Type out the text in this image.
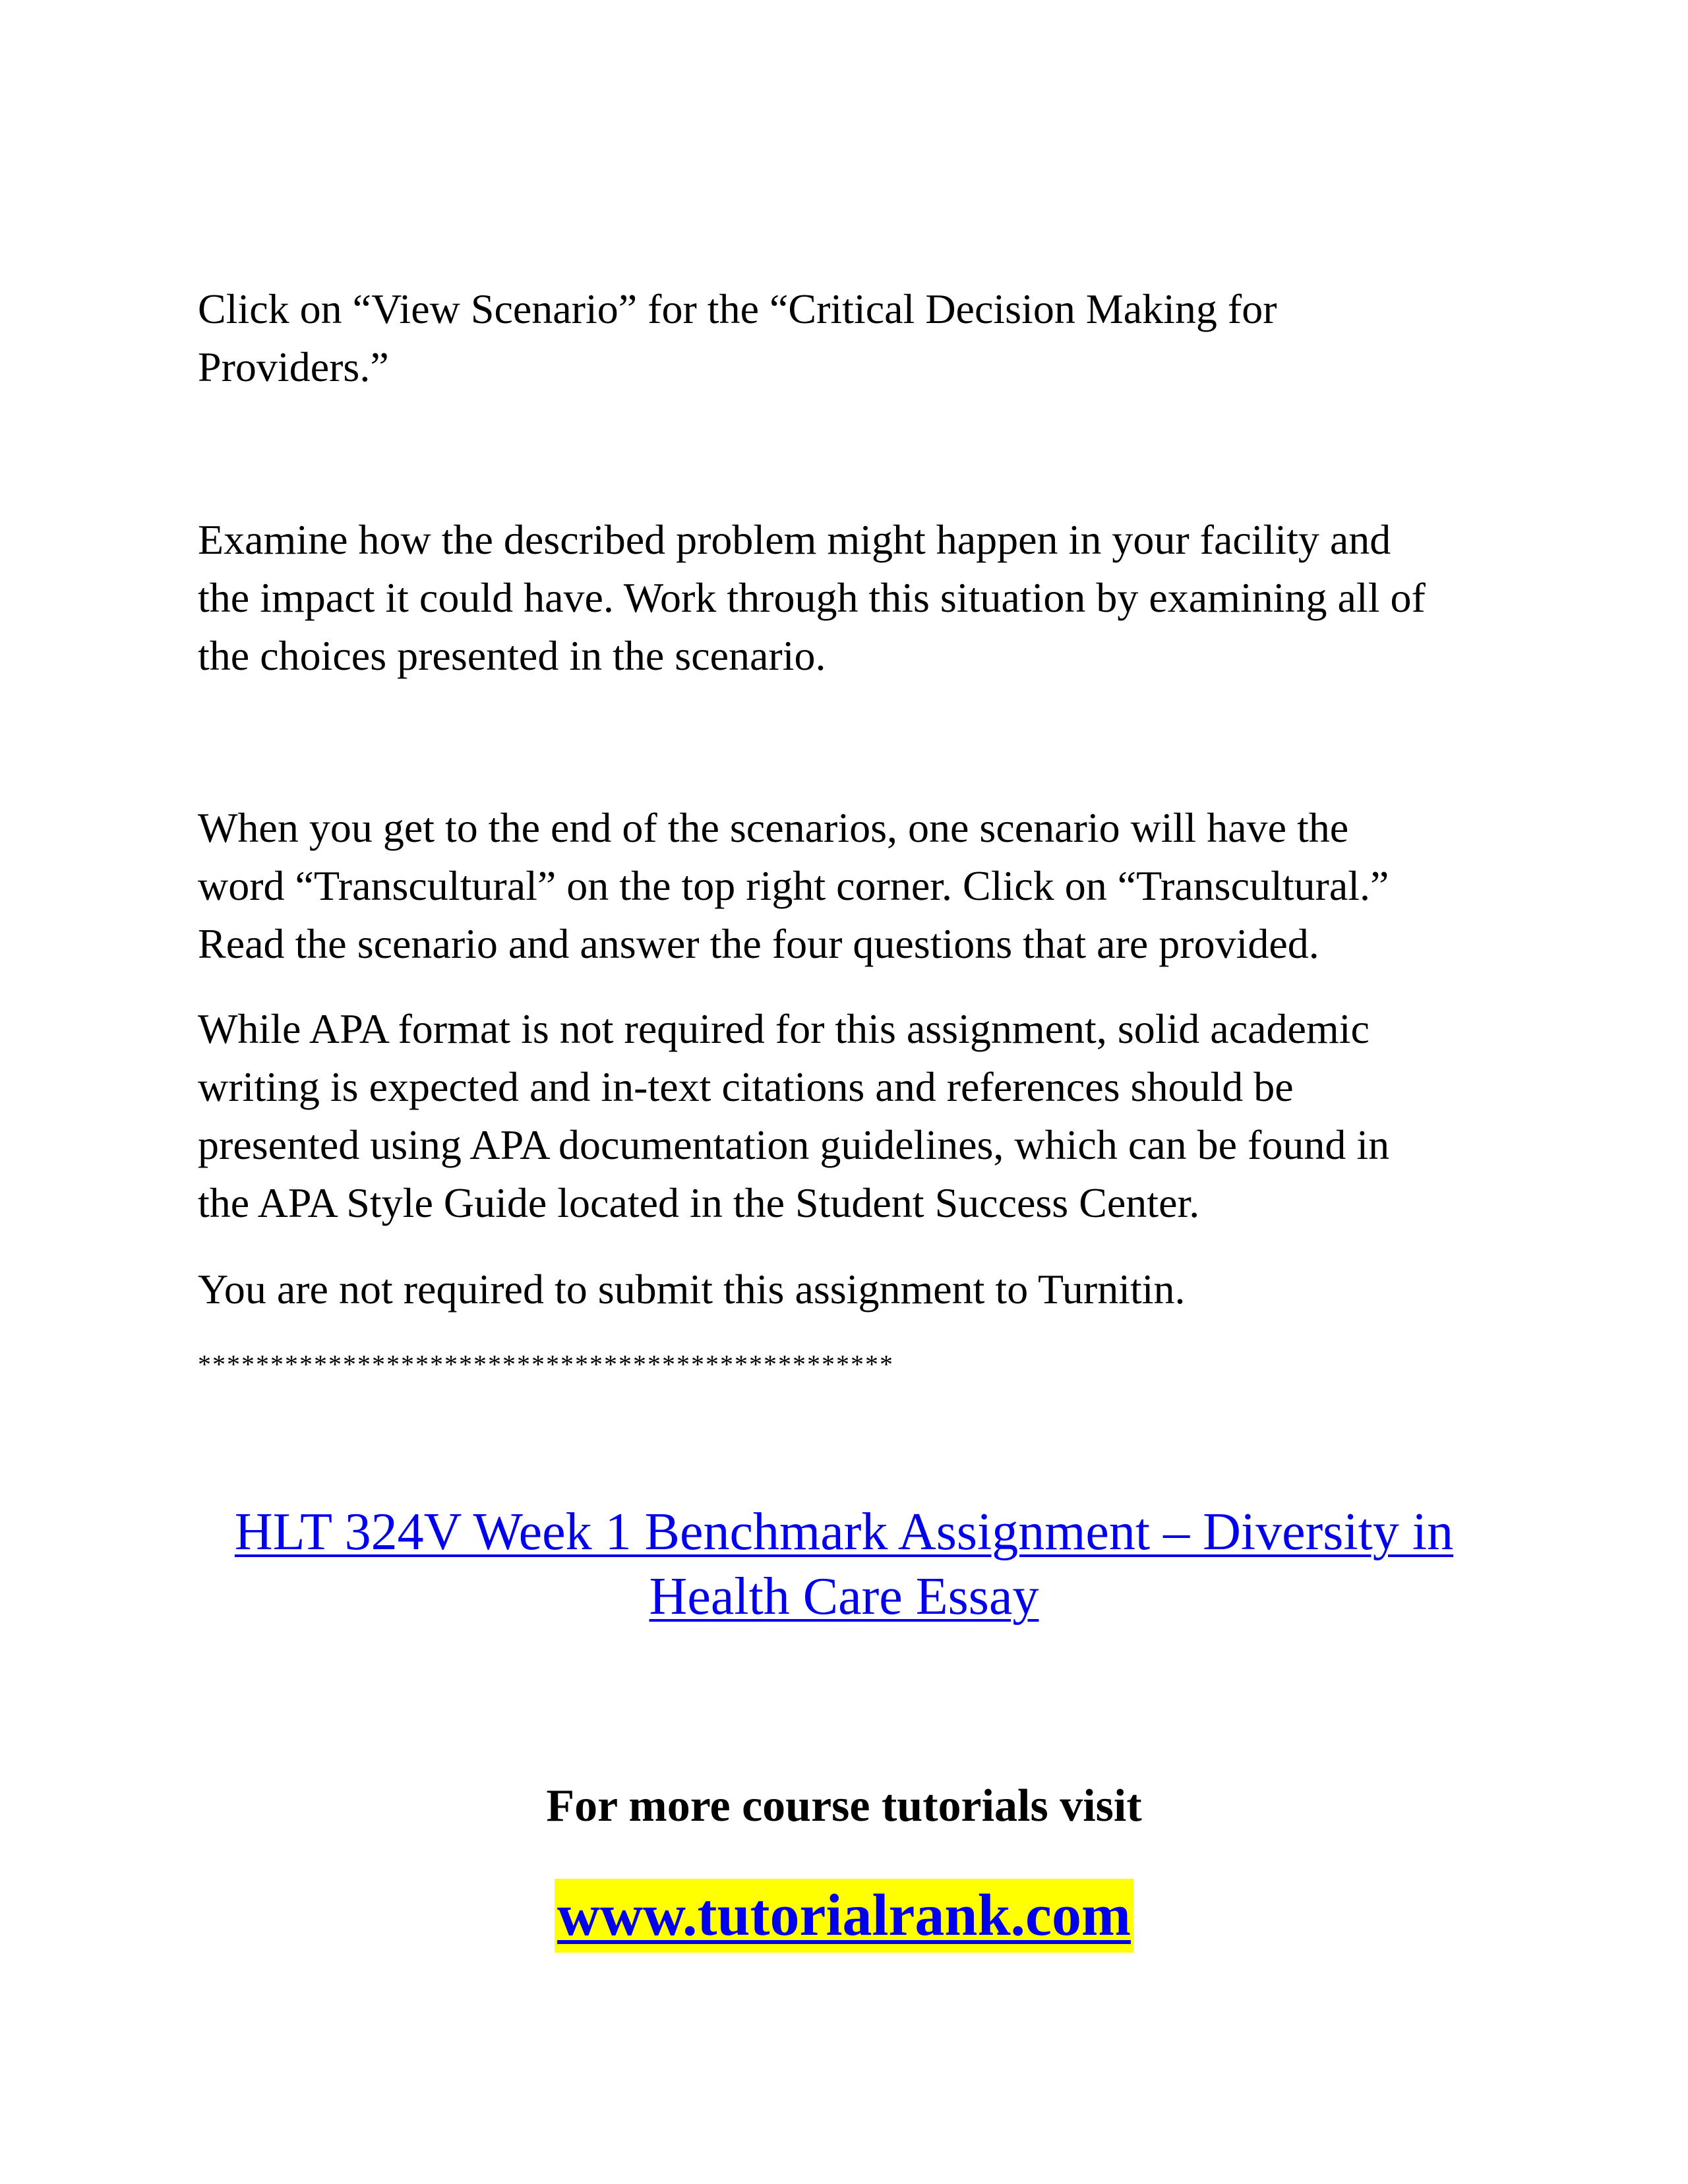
Click on “View Scenario” for the “Critical Decision Making for
Providers.”

Examine how the described problem might happen in your facility and
the impact it could have. Work through this situation by examining all of
the choices presented in the scenario.

When you get to the end of the scenarios, one scenario will have the
word “Transcultural” on the top right corner. Click on “Transcultural.”
Read the scenario and answer the four questions that are provided.

While APA format is not required for this assignment, solid academic
writing is expected and in-text citations and references should be
presented using APA documentation guidelines, which can be found in
the APA Style Guide located in the Student Success Center.

You are not required to submit this assignment to Turnitin.

************************************************

HLT 324V Week 1 Benchmark Assignment – Diversity in
Health Care Essay

For more course tutorials visit

www.tutorialrank.com
